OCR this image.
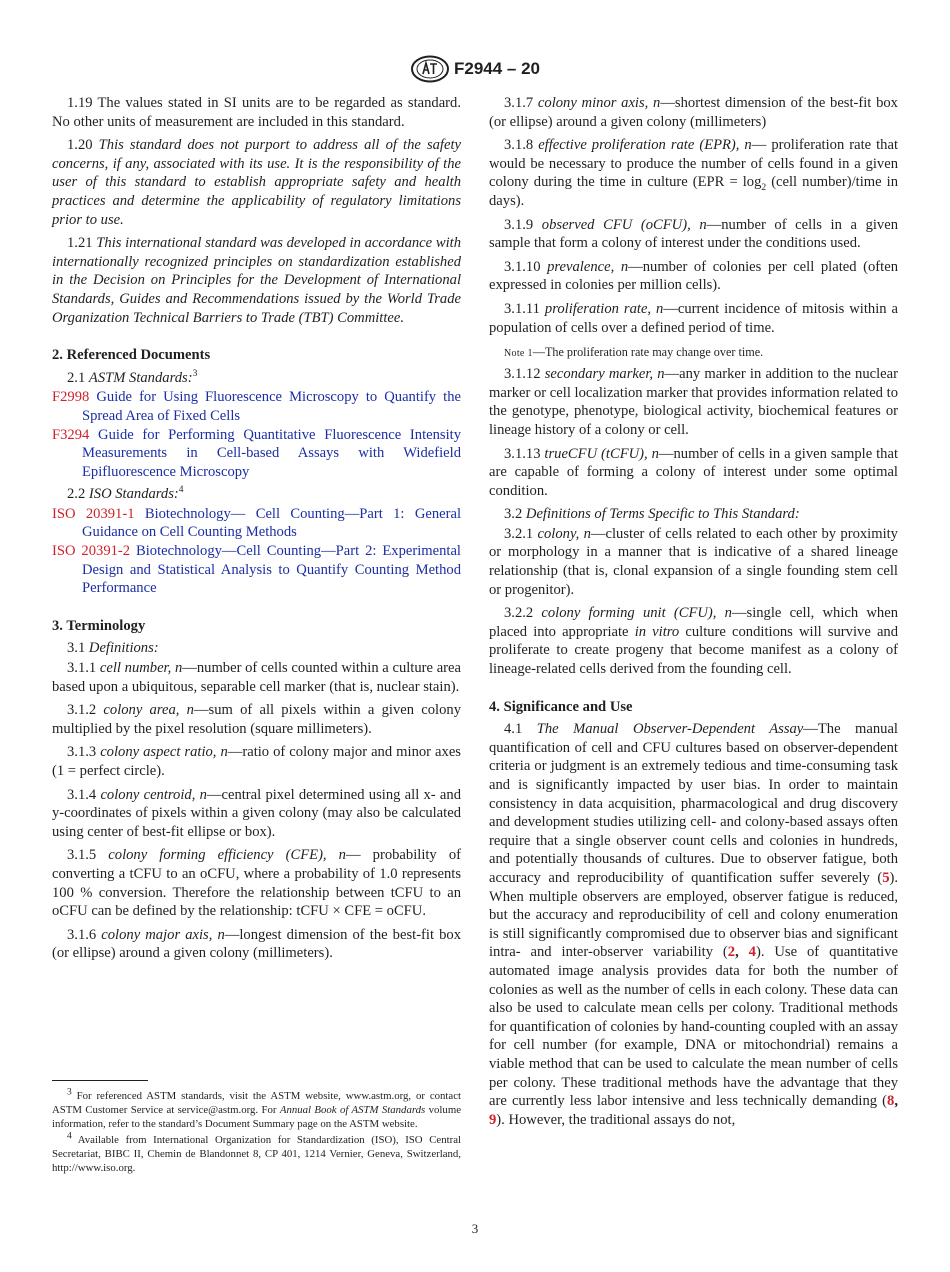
F2944 – 20

1.19 The values stated in SI units are to be regarded as standard. No other units of measurement are included in this standard.

1.20 This standard does not purport to address all of the safety concerns, if any, associated with its use. It is the responsibility of the user of this standard to establish appropriate safety and health practices and determine the applicability of regulatory limitations prior to use.

1.21 This international standard was developed in accordance with internationally recognized principles on standardization established in the Decision on Principles for the Development of International Standards, Guides and Recommendations issued by the World Trade Organization Technical Barriers to Trade (TBT) Committee.

2. Referenced Documents
2.1 ASTM Standards:$^3$
F2998 Guide for Using Fluorescence Microscopy to Quantify the Spread Area of Fixed Cells
F3294 Guide for Performing Quantitative Fluorescence Intensity Measurements in Cell-based Assays with Widefield Epifluorescence Microscopy
2.2 ISO Standards:$^4$
ISO 20391-1 Biotechnology— Cell Counting—Part 1: General Guidance on Cell Counting Methods
ISO 20391-2 Biotechnology—Cell Counting—Part 2: Experimental Design and Statistical Analysis to Quantify Counting Method Performance
3. Terminology
3.1 Definitions:

3.1.1 cell number, n—number of cells counted within a culture area based upon a ubiquitous, separable cell marker (that is, nuclear stain).

3.1.2 colony area, n—sum of all pixels within a given colony multiplied by the pixel resolution (square millimeters).

3.1.3 colony aspect ratio, n—ratio of colony major and minor axes (1 = perfect circle).

3.1.4 colony centroid, n—central pixel determined using all x- and y-coordinates of pixels within a given colony (may also be calculated using center of best-fit ellipse or box).

3.1.5 colony forming efficiency (CFE), n— probability of converting a tCFU to an oCFU, where a probability of 1.0 represents 100 % conversion. Therefore the relationship between tCFU to an oCFU can be defined by the relationship: tCFU × CFE = oCFU.

3.1.6 colony major axis, n—longest dimension of the best-fit box (or ellipse) around a given colony (millimeters).

$^3$ For referenced ASTM standards, visit the ASTM website, www.astm.org, or contact ASTM Customer Service at service@astm.org. For Annual Book of ASTM Standards volume information, refer to the standard’s Document Summary page on the ASTM website.

$^4$ Available from International Organization for Standardization (ISO), ISO Central Secretariat, BIBC II, Chemin de Blandonnet 8, CP 401, 1214 Vernier, Geneva, Switzerland, http://www.iso.org.

3.1.7 colony minor axis, n—shortest dimension of the best-fit box (or ellipse) around a given colony (millimeters)

3.1.8 effective proliferation rate (EPR), n— proliferation rate that would be necessary to produce the number of cells found in a given colony during the time in culture ($EPR = \log_2$ (cell number)/time in days).

3.1.9 observed CFU (oCFU), n—number of cells in a given sample that form a colony of interest under the conditions used.

3.1.10 prevalence, n—number of colonies per cell plated (often expressed in colonies per million cells).

3.1.11 proliferation rate, n—current incidence of mitosis within a population of cells over a defined period of time.

Note 1—The proliferation rate may change over time.

3.1.12 secondary marker, n—any marker in addition to the nuclear marker or cell localization marker that provides information related to the genotype, phenotype, biological activity, biochemical features or lineage history of a colony or cell.

3.1.13 trueCFU (tCFU), n—number of cells in a given sample that are capable of forming a colony of interest under some optimal condition.

3.2 Definitions of Terms Specific to This Standard:

3.2.1 colony, n—cluster of cells related to each other by proximity or morphology in a manner that is indicative of a shared lineage relationship (that is, clonal expansion of a single founding stem cell or progenitor).

3.2.2 colony forming unit (CFU), n—single cell, which when placed into appropriate in vitro culture conditions will survive and proliferate to create progeny that become manifest as a colony of lineage-related cells derived from the founding cell.

4. Significance and Use

4.1 The Manual Observer-Dependent Assay—The manual quantification of cell and CFU cultures based on observer-dependent criteria or judgment is an extremely tedious and time-consuming task and is significantly impacted by user bias. In order to maintain consistency in data acquisition, pharmacological and drug discovery and development studies utilizing cell- and colony-based assays often require that a single observer count cells and colonies in hundreds, and potentially thousands of cultures. Due to observer fatigue, both accuracy and reproducibility of quantification suffer severely (5). When multiple observers are employed, observer fatigue is reduced, but the accuracy and reproducibility of cell and colony enumeration is still significantly compromised due to observer bias and significant intra- and inter-observer variability (2, 4). Use of quantitative automated image analysis provides data for both the number of colonies as well as the number of cells in each colony. These data can also be used to calculate mean cells per colony. Traditional methods for quantification of colonies by hand-counting coupled with an assay for cell number (for example, DNA or mitochondrial) remains a viable method that can be used to calculate the mean number of cells per colony. These traditional methods have the advantage that they are currently less labor intensive and less technically demanding (8, 9). However, the traditional assays do not,

3
